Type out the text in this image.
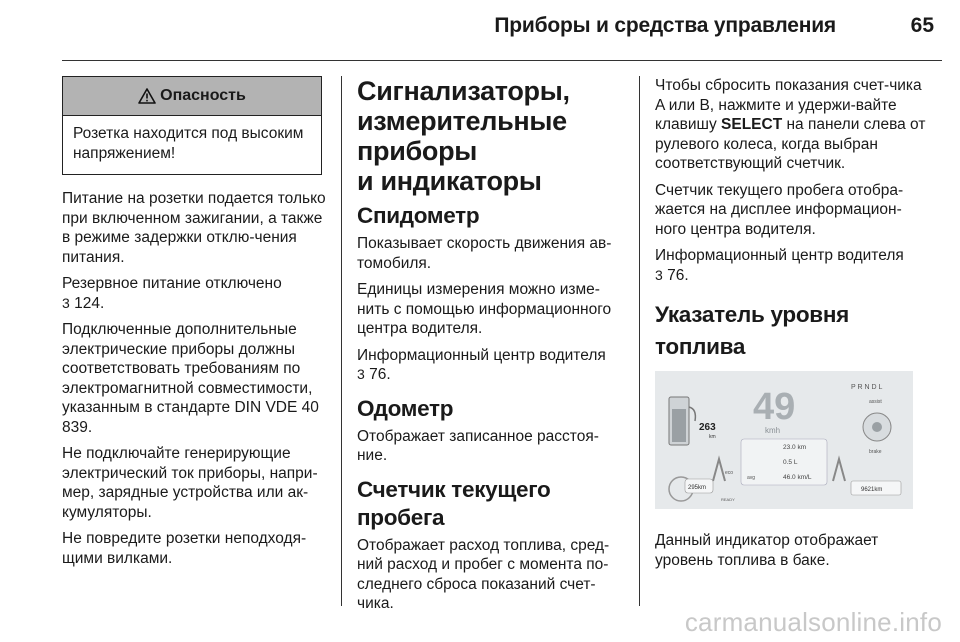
Приборы и средства управления	65
Опасность
Розетка находится под высоким напряжением!

Питание на розетки подается только при включенном зажигании, а также в режиме задержки отклю-чения питания.

Резервное питание отключено
3 124.

Подключенные дополнительные электрические приборы должны соответствовать требованиям по электромагнитной совместимости, указанным в стандарте DIN VDE 40 839.

Не подключайте генерирующие электрический ток приборы, напри-мер, зарядные устройства или ак-кумуляторы.

Не повредите розетки неподходя-щими вилками.

Сигнализаторы,
измерительные
приборы
и индикаторы
Спидометр

Показывает скорость движения ав-томобиля.

Единицы измерения можно изме-нить с помощью информационного центра водителя.

Информационный центр водителя
3 76.

Одометр

Отображает записанное расстоя-ние.

Счетчик текущего
пробега

Отображает расход топлива, сред-ний расход и пробег с момента по-следнего сброса показаний счет-чика.

Чтобы сбросить показания счет-чика A или B, нажмите и удержи-вайте клавишу SELECT на панели слева от рулевого колеса, когда выбран соответствующий счетчик.

Счетчик текущего пробега отобра-жается на дисплее информацион-ного центра водителя.

Информационный центр водителя
3 76.

Указатель уровня
топлива
263
km
49
kmh
P R N D L
23.0 km
0.5 L
avg	46.0 km/L
assist
brake
295km
READY
eco
9621km

Данный индикатор отображает уровень топлива в баке.

carmanualsonline.info
